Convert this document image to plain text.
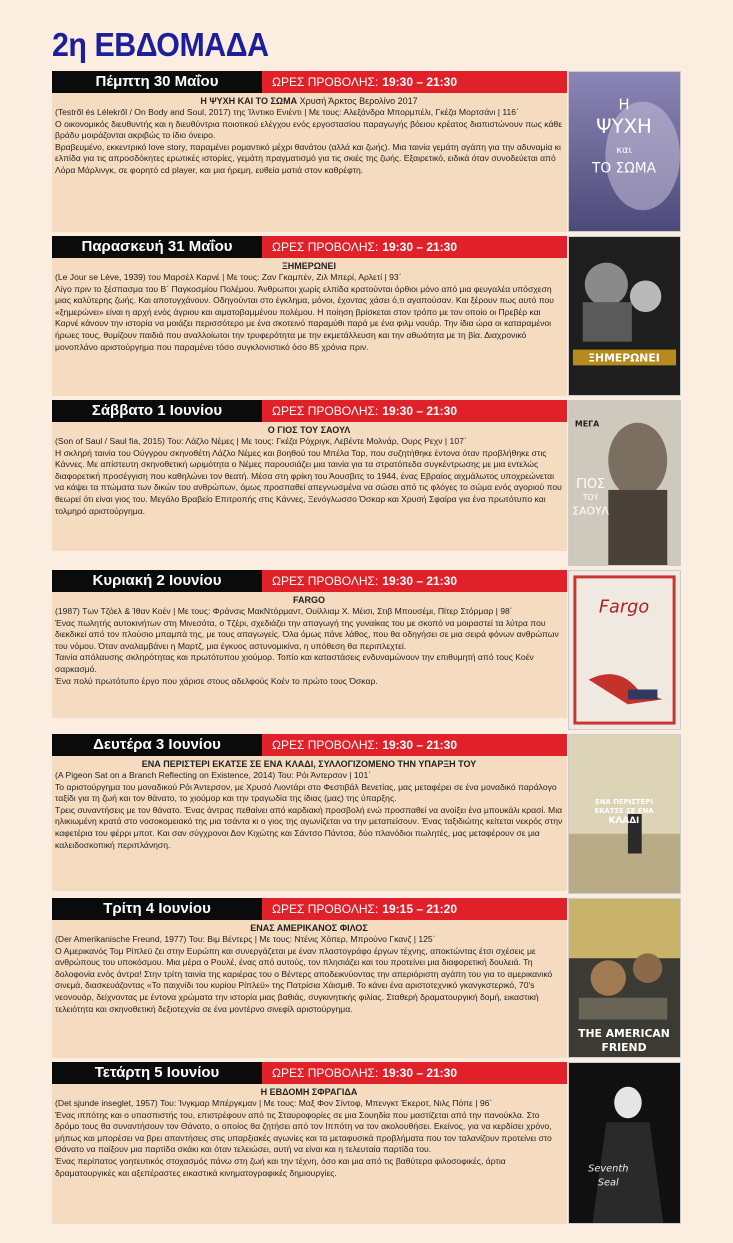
2η ΕΒΔΟΜΑΔΑ
Πέμπτη 30 Μαΐου	ΩΡΕΣ ΠΡΟΒΟΛΗΣ: 19:30 – 21:30
Η ΨΥΧΗ ΚΑΙ ΤΟ ΣΩΜΑ Χρυσή Άρκτος Βερολίνο 2017

(Testről és Lélekről / On Body and Soul, 2017) της Ίλντικο Ενιέντι | Με τους: Αλεξάνδρα Μπορμπέλι, Γκέζα Μορτσάνι | 116΄

Ο οικονομικός διευθυντής και η διευθύντρια ποιοτικού ελέγχου ενός εργοστασίου παραγωγής βόειου κρέατος διαπιστώνουν πως κάθε βράδυ μοιράζονται ακριβώς το ίδιο όνειρο.

Βραβευμένο, εκκεντρικό love story, παραμένει ρομαντικό μέχρι θανάτου (αλλά και ζωής). Μια ταινία γεμάτη αγάπη για την αδυναμία κι ελπίδα για τις απροσδόκητες ερωτικές ιστορίες, γεμάτη πραγματισμό για τις σκιές της ζωής. Εξαιρετικό, ειδικά όταν συνοδεύεται από Λόρα Μάρλινγκ, σε φορητό cd player, και μια ήρεμη, ευθεία ματιά στον καθρέφτη.

Η
ΨΥΧΗ
και
ΤΟ ΣΩΜΑ
Παρασκευή 31 Μαΐου	ΩΡΕΣ ΠΡΟΒΟΛΗΣ: 19:30 – 21:30
ΞΗΜΕΡΩΝΕΙ

(Le Jour se Lève, 1939) του Μαρσέλ Καρνέ | Με τους: Ζαν Γκαμπέν, Ζιλ Μπερί, Αρλετί | 93΄

Λίγο πριν το ξέσπασμα του Β΄ Παγκοσμίου Πολέμου. Άνθρωποι χωρίς ελπίδα κρατούνται όρθιοι μόνο από μια φευγαλέα υπόσχεση μιας καλύτερης ζωής. Και αποτυγχάνουν. Οδηγούνται στο έγκλημα, μόνοι, έχοντας χάσει ό,τι αγαπούσαν. Και ξέρουν πως αυτό που «ξημερώνει» είναι η αρχή ενός άγριου και αιματοβαμμένου πολέμου. Η ποίηση βρίσκεται στον τρόπο με τον οποίο οι Πρεβέρ και Καρνέ κάνουν την ιστορία να μοιάζει περισσότερο με ένα σκοτεινό παραμύθι παρά με ένα φιλμ νουάρ. Την ίδια ώρα οι καταραμένοι ήρωες τους, θυμίζουν παιδιά που αναλλοίωτοι την τρυφερότητα με την εκμετάλλευση και την αθωότητα με τη βία. Διαχρονικό μονοπλάνο αριστούργημα που παραμένει τόσο συγκλονιστικό όσο 85 χρόνια πριν.

ΞΗΜΕΡΩΝΕΙ
Σάββατο 1 Ιουνίου	ΩΡΕΣ ΠΡΟΒΟΛΗΣ: 19:30 – 21:30
Ο ΓΙΟΣ ΤΟΥ ΣΑΟΥΛ

(Son of Saul / Saul fia, 2015) Του: Λάζλο Νέμες | Με τους: Γκέζα Ρόχριγκ, Λεβέντε Μολνάρ, Ουρς Ρεχν | 107΄

Η σκληρή ταινία του Ούγγρου σκηνοθέτη Λάζλο Νέμες και βοηθού του Μπέλα Ταρ, που συζητήθηκε έντονα όταν προβλήθηκε στις Κάννες. Με απίστευτη σκηνοθετική ωριμότητα ο Νέμες παρουσιάζει μια ταινία για τα στρατόπεδα συγκέντρωσης με μια εντελώς διαφορετική προσέγγιση που καθηλώνει τον θεατή. Μέσα στη φρίκη του Άουσβιτς το 1944, ένας Εβραίος αιχμάλωτος υποχρεώνεται να κάψει τα πτώματα των δικών του ανθρώπων, όμως προσπαθεί απεγνωσμένα να σώσει από τις φλόγες το σώμα ενός αγοριού που θεωρεί ότι είναι γιος του. Μεγάλο Βραβείο Επιτροπής στις Κάννες, Ξενόγλωσσο Όσκαρ και Χρυσή Σφαίρα για ένα πρωτότυπο και τολμηρό αριστούργημα.

ΜΕΓΑ
ΓΙΟΣ
ΤΟΥ
ΣΑΟΥΛ
Κυριακή 2 Ιουνίου	ΩΡΕΣ ΠΡΟΒΟΛΗΣ: 19:30 – 21:30
FARGO

(1987) Των Τζόελ & Ίθαν Κοέν | Με τους: Φράνσις ΜακΝτόρμαντ, Ουίλλιαμ Χ. Μέισι, Στιβ Μπουσέμι, Πίτερ Στόρμαρ | 98΄

Ένας πωλητής αυτοκινήτων στη Μινεσότα, ο Τζέρι, σχεδιάζει την απαγωγή της γυναίκας του με σκοπό να μοιραστεί τα λύτρα που διεκδικεί από τον πλούσιο μπαμπά της, με τους απαγωγείς. Όλα όμως πάνε λάθος, που θα οδηγήσει σε μια σειρά φόνων ανθρώπων του νόμου. Όταν αναλαμβάνει η Μαρτζ, μια έγκυος αστυνομικίνα, η υπόθεση θα περιπλεχτεί.

Ταινία απόλαυσης σκληρότητας και πρωτότυπου χιούμορ. Τοπίο και καταστάσεις ενδυναμώνουν την επιθυμητή από τους Κοέν σαρκασμό.

Ένα πολύ πρωτότυπο έργο που χάρισε στους αδελφούς Κοέν το πρώτο τους Όσκαρ.

Fargo
Δευτέρα 3 Ιουνίου	ΩΡΕΣ ΠΡΟΒΟΛΗΣ: 19:30 – 21:30
ΕΝΑ ΠΕΡΙΣΤΕΡΙ ΕΚΑΤΣΕ ΣΕ ΕΝΑ ΚΛΑΔΙ, ΣΥΛΛΟΓΙΖΟΜΕΝΟ ΤΗΝ ΥΠΑΡΞΗ ΤΟΥ

(A Pigeon Sat on a Branch Reflecting on Existence, 2014) Του: Ρόι Άντερσον | 101΄

Το αριστούργημα του μοναδικού Ρόι Άντερσον, με Χρυσό Λιοντάρι στο Φεστιβάλ Βενετίας, μας μεταφέρει σε ένα μοναδικό παράλογο ταξίδι για τη ζωή και τον θάνατο, το χιούμορ και την τραγωδία της ίδιας (μας) της ύπαρξης.

Τρεις συναντήσεις με τον θάνατο. Ένας άντρας πεθαίνει από καρδιακή προσβολή ενώ προσπαθεί να ανοίξει ένα μπουκάλι κρασί. Μια ηλικιωμένη κρατά στο νοσοκομειακό της μια τσάντα κι ο γιος της αγωνίζεται να την μεταπείσουν. Ένας ταξιδιώτης κείτεται νεκρός στην καφετέρια του φέρρι μποτ. Και σαν σύγχρονοι Δον Κιχώτης και Σάντσο Πάντσα, δύο πλανόδιοι πωλητές, μας μεταφέρουν σε μια καλειδοσκοπική περιπλάνηση.

ΕΝΑ ΠΕΡΙΣΤΕΡΙ
ΕΚΑΤΣΕ ΣΕ ΕΝΑ
ΚΛΑΔΙ
Τρίτη 4 Ιουνίου	ΩΡΕΣ ΠΡΟΒΟΛΗΣ: 19:15 – 21:20
ΕΝΑΣ ΑΜΕΡΙΚΑΝΟΣ ΦΙΛΟΣ

(Der Amerikanische Freund, 1977) Του: Βιμ Βέντερς | Με τους: Ντένις Χόπερ, Μπρούνο Γκανζ | 125΄

Ο Αμερικανός Τομ Ρίπλεϋ ζει στην Ευρώπη και συνεργάζεται με έναν πλαστογράφο έργων τέχνης, αποκτώντας έτσι σχέσεις με ανθρώπους του υποκόσμου. Μια μέρα ο Ρουλέ, ένας από αυτούς, τον πλησιάζει και του προτείνει μια διαφορετική δουλειά. Τη δολοφονία ενός άντρα! Στην τρίτη ταινία της καριέρας του ο Βέντερς αποδεικνύοντας την απεριόριστη αγάπη του για το αμερικανικό σινεμά, διασκευάζοντας «Το παιχνίδι του κυρίου Ρίπλεϋ» της Πατρίσια Χάισμιθ. Το κάνει ένα αριστοτεχνικό γκανγκστερικό, 70's νεονουάρ, δείχνοντας με έντονα χρώματα την ιστορία μιας βαθιάς, συγκινητικής φιλίας. Σταθερή δραματουργική δομή, εικαστική τελειότητα και σκηνοθετική δεξιοτεχνία σε ένα μοντέρνο σινεφίλ αριστούργημα.

THE AMERICAN
FRIEND
Τετάρτη 5 Ιουνίου	ΩΡΕΣ ΠΡΟΒΟΛΗΣ: 19:30 – 21:30
Η ΕΒΔΟΜΗ ΣΦΡΑΓΙΔΑ

(Det sjunde inseglet, 1957) Του: Ίνγκμαρ Μπέργκμαν | Με τους: Μαξ Φον Σίντοφ, Μπενγκτ Έκεροτ, Νιλς Πόπε | 96΄

Ένας ιππότης και ο υπασπιστής του, επιστρέφουν από τις Σταυροφορίες σε μια Σουηδία που μαστίζεται από την πανούκλα. Στο δρόμο τους θα συναντήσουν τον Θάνατο, ο οποίος θα ζητήσει από τον Ιππότη να τον ακολουθήσει. Εκείνος, για να κερδίσει χρόνο, μήπως και μπορέσει να βρει απαντήσεις στις υπαρξιακές αγωνίες και τα μεταφυσικά προβλήματα που τον ταλανίζουν προτείνει στο Θάνατο να παίξουν μια παρτίδα σκάκι και όταν τελειώσει, αυτή να είναι και η τελευταία παρτίδα του.

Ένας περίπατος γοητευτικός στοχασμός πάνω στη ζωή και την τέχνη, όσο και μια από τις βαθύτερα φιλοσοφικές, άρτια δραματουργικές και αξεπέραστες εικαστικά κινηματογραφικές δημιουργίες.	Seventh
Seal
